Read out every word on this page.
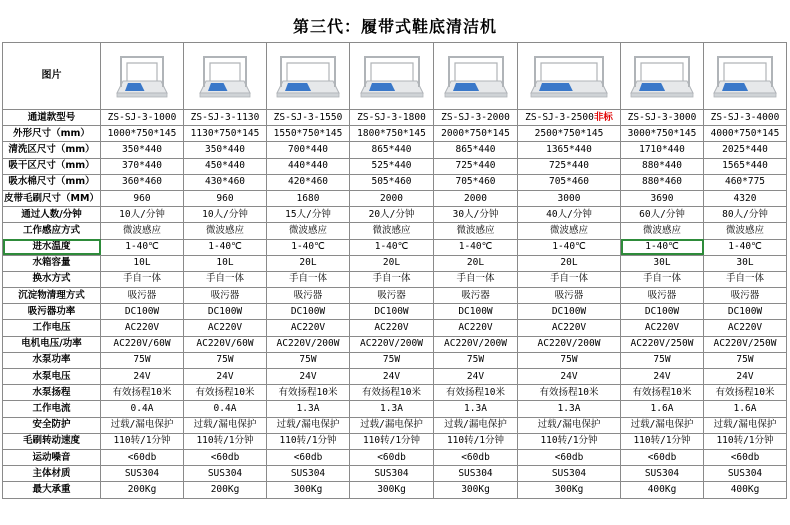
第三代：履带式鞋底清洁机
图片	

通道款型号	ZS-SJ-3-1000	ZS-SJ-3-1130	ZS-SJ-3-1550	ZS-SJ-3-1800	ZS-SJ-3-2000	ZS-SJ-3-2500非标	ZS-SJ-3-3000	ZS-SJ-3-4000
外形尺寸（mm）	1000*750*145	1130*750*145	1550*750*145	1800*750*145	2000*750*145	2500*750*145	3000*750*145	4000*750*145
清洗区尺寸（mm）	350*440	350*440	700*440	865*440	865*440	1365*440	1710*440	2025*440
吸干区尺寸（mm）	370*440	450*440	440*440	525*440	725*440	725*440	880*440	1565*440
吸水棉尺寸（mm）	360*460	430*460	420*460	505*460	705*460	705*460	880*460	460*775
皮带毛刷尺寸（MM）	960	960	1680	2000	2000	3000	3690	4320
通过人数/分钟	10人/分钟	10人/分钟	15人/分钟	20人/分钟	30人/分钟	40人/分钟	60人/分钟	80人/分钟
工作感应方式	微波感应	微波感应	微波感应	微波感应	微波感应	微波感应	微波感应	微波感应
进水温度	1-40℃	1-40℃	1-40℃	1-40℃	1-40℃	1-40℃	1-40℃	1-40℃
水箱容量	10L	10L	20L	20L	20L	20L	30L	30L
换水方式	手自一体	手自一体	手自一体	手自一体	手自一体	手自一体	手自一体	手自一体
沉淀物清理方式	吸污器	吸污器	吸污器	吸污器	吸污器	吸污器	吸污器	吸污器
吸污器功率	DC100W	DC100W	DC100W	DC100W	DC100W	DC100W	DC100W	DC100W
工作电压	AC220V	AC220V	AC220V	AC220V	AC220V	AC220V	AC220V	AC220V
电机电压/功率	AC220V/60W	AC220V/60W	AC220V/200W	AC220V/200W	AC220V/200W	AC220V/200W	AC220V/250W	AC220V/250W
水泵功率	75W	75W	75W	75W	75W	75W	75W	75W
水泵电压	24V	24V	24V	24V	24V	24V	24V	24V
水泵扬程	有效扬程10米	有效扬程10米	有效扬程10米	有效扬程10米	有效扬程10米	有效扬程10米	有效扬程10米	有效扬程10米
工作电流	0.4A	0.4A	1.3A	1.3A	1.3A	1.3A	1.6A	1.6A
安全防护	过载/漏电保护	过载/漏电保护	过载/漏电保护	过载/漏电保护	过载/漏电保护	过载/漏电保护	过载/漏电保护	过载/漏电保护
毛刷转动速度	110转/1分钟	110转/1分钟	110转/1分钟	110转/1分钟	110转/1分钟	110转/1分钟	110转/1分钟	110转/1分钟
运动噪音	<60db	<60db	<60db	<60db	<60db	<60db	<60db	<60db
主体材质	SUS304	SUS304	SUS304	SUS304	SUS304	SUS304	SUS304	SUS304
最大承重	200Kg	200Kg	300Kg	300Kg	300Kg	300Kg	400Kg	400Kg
